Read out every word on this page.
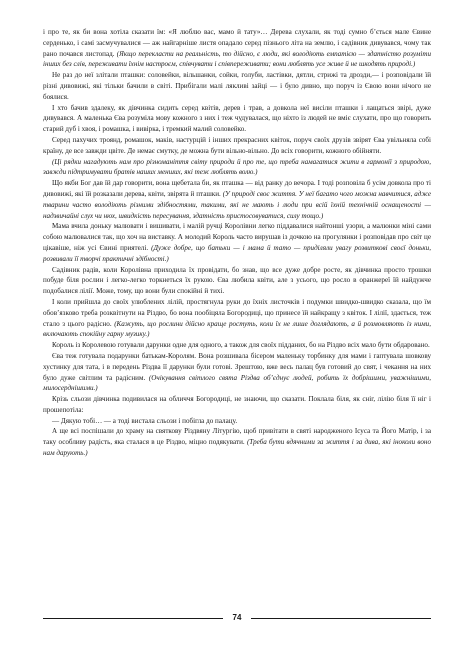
і про те, як би вона хотіла сказати їм: «Я люблю вас, мамо й тату»… Дерева слухали, як тоді сумно б’ється мале Євине серденько, і самі засмучувалися — аж найгарніше листя опадало серед пізнього літа на землю, і садівник дивувався, чому так рано почався листопад. (Якщо перекласти на реальність, то дійсно, є люди, які володіють емпатією — здатністю розуміти інших без слів, переживати їхнім настроєм, співчувати і співпереживати; вони люблять усе живе й не шкодять природі.)

Не раз до неї злітали пташки: соловейки, вільшанки, сойки, голуби, ластівки, дятли, стрижі та дрозди,— і розповідали їй різні дивовижі, які тільки бачили в світі. Прибігали малі лякливі зайці — і було дивно, що поруч із Євою вони нічого не боялися.

І хто бачив здалеку, як дівчинка сидить серед квітів, дерев і трав, а довкола неї висіли пташки і лащаться звірі, дуже дивувався. А маленька Єва розуміла мову кожного з них і теж чудувалася, що ніхто із людей не вміє слухати, про що говорить старий дуб і хвоя, і ромашка, і вивірка, і тремкий малий соловейко.

Серед пахучих троянд, ромашок, маків, настурцій і інших прекрасних квіток, поруч своїх друзів звірят Єва увільняла собі країну, де все завжди цвіте. Де немає смутку, де можна бути вільно-вільно. До всіх говорити, кожного обійняти.

(Ці рядки нагадують нам про різноманіття світу природи й про те, що треба намагатися жити в гармонії з природою, завжди підтримувати братів наших менших, які теж люблять волю.)

Що якби Бог дав їй дар говорити, вона щебетала би, як пташка — від ранку до вечора. І тоді розповіла б усім довкола про ті дивовижі, які їй розказали дерева, квіти, звірята й пташки. (У природі своє життя. У неї багато чого можна навчитися, адже тварини часто володіють різними здібностями, такими, які не мають і люди при всій їхній технічній оснащеності — надзвичайні слух чи нюх, швидкість пересування, здатність пристосовуватися, силу тощо.)

Мама вчила доньку малювати і вишивати, і малій ручці Королівни легко піддавалися найтонші узори, а малюнки міні сами собою малювалися так, що хоч на виставку. А молодий Король часто вирушав із дочкою на прогулянки і розповідав про світ це цікавіше, ніж усі Євині приятелі. (Дуже добре, що батьки — і мама й тато — приділяли увагу розвиткові своєї доньки, розвивали її творчі практичні здібності.)

Садівник радів, коли Королівна приходила їх провідати, бо знав, що все дуже добре росте, як дівчинка просто трошки побуде біля рослин і легко-легко торкнеться їх рукою. Єва любила квіти, але з усього, що росло в оранжереї їй найдужче подобалися лілії. Може, тому, що вони були спокійні й тихі.

І коли прийшла до своїх улюблених лілій, простягнула руки до їхніх листочків і подумки швидко-швидко сказала, що їм обов’язково треба розквітнути на Різдво, бо вона пообіцяла Богородиці, що принесе їй найкращу з квіток. І лілії, здається, теж стало з цього радісно. (Кажуть, що рослини дійсно краще ростуть, коли їх не лише доглядають, а й розмовляють із ними, включають спокійну гарну музику.)

Король із Королевою готували дарунки одне для одного, а також для своїх підданих, бо на Різдво всіх мало бути обдаровано.

Єва теж готувала подарунки батькам-Королям. Вона розшивала бісером маленьку торбинку для мами і гаптувала шовкову хустинку для тата, і в передень Різдва її дарунки були готові. Зрештою, вже весь палац був готовий до свят, і чекання на них було дуже світлим та радісним. (Очікування світлого свята Різдва об’єднує людей, робить їх добрішими, уважнішими, милосерднішими.)

Крізь сльози дівчинка подивилася на обличчя Богородиці, не знаючи, що сказати. Поклала біля, як сніг, лілію біля її ніг і прошепотіла:

— Дякую тобі… — а тоді вистала сльози і побігла до палацу.

А ще всі поспішали до храму на святкову Різдвяну Літургію, щоб привітати в святі народженого Ісуса та Його Матір, і за таку особливу радість, яка сталася в це Різдво, міцно подякувати. (Треба бути вдячними за життя і за дива, які іноколи воно нам дарують.)

74
